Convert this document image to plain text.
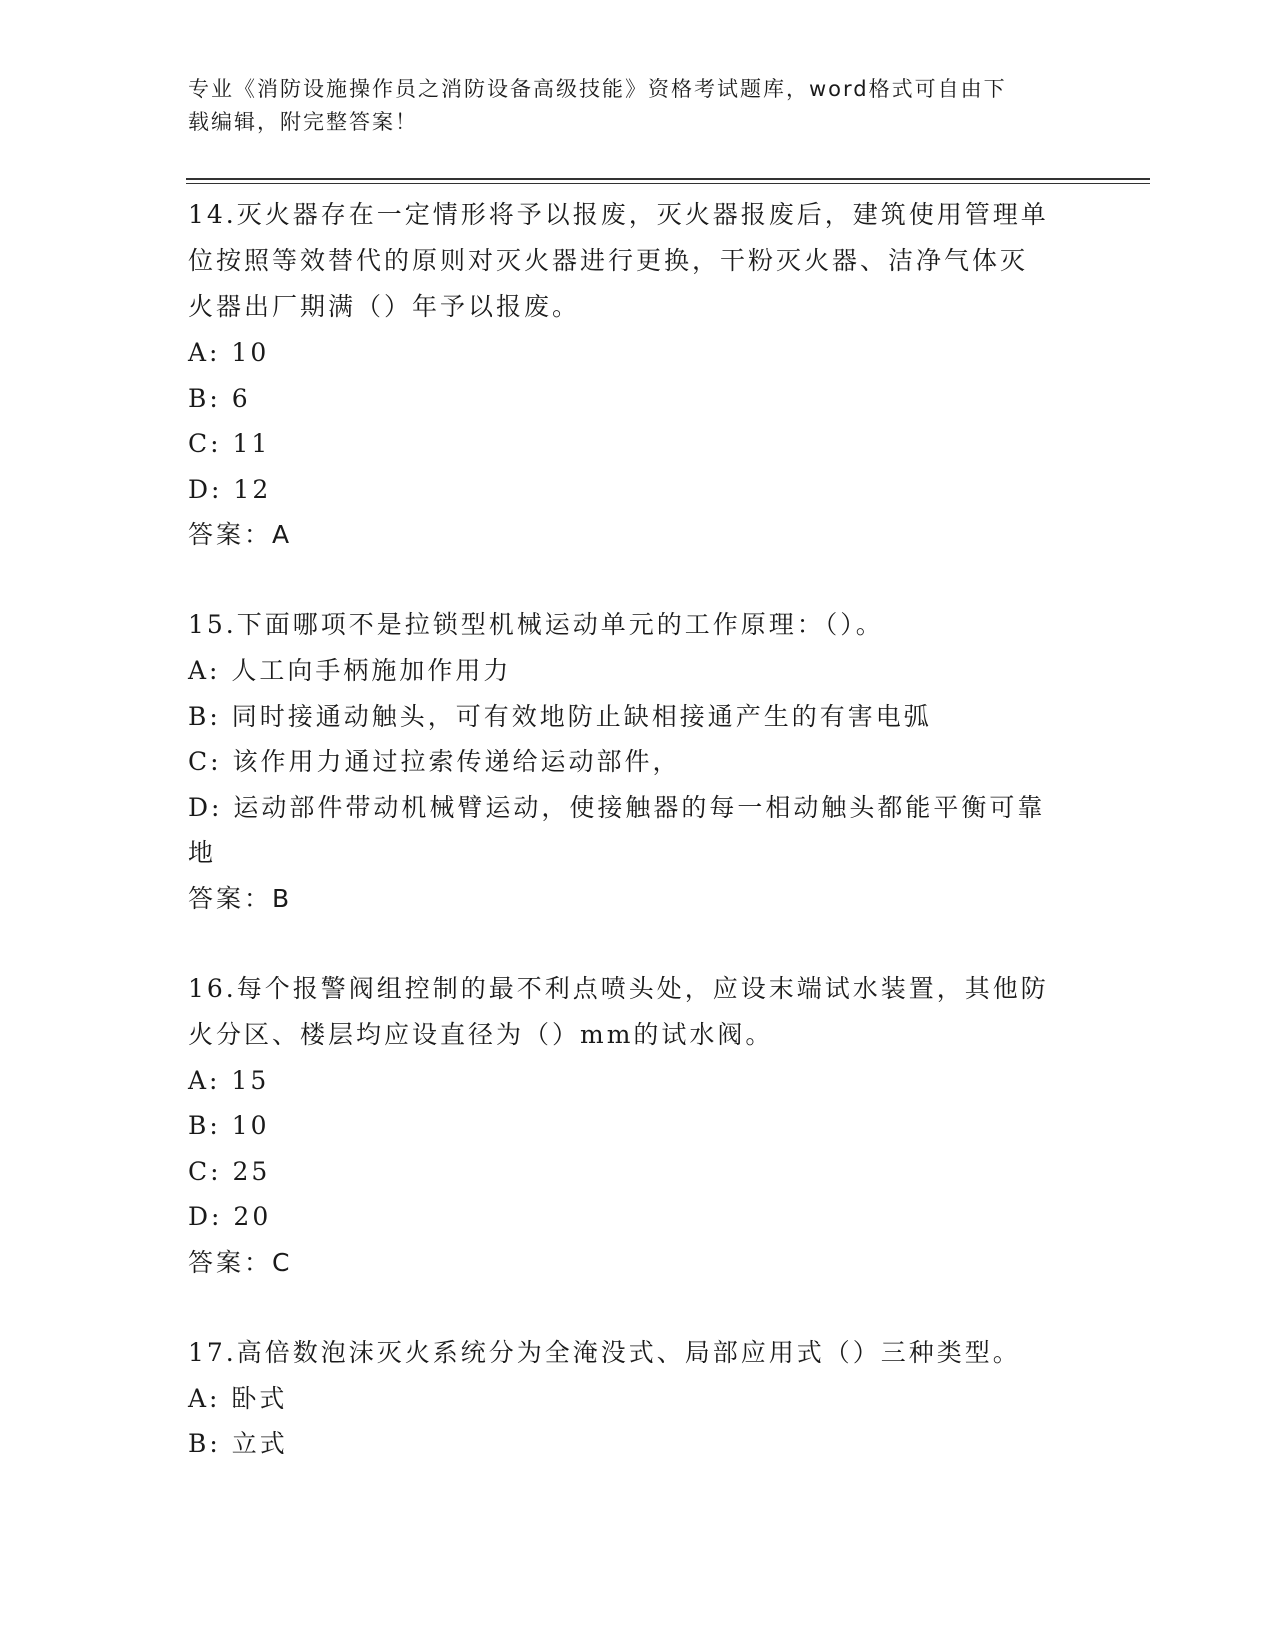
专业《消防设施操作员之消防设备高级技能》资格考试题库，word格式可自由下
载编辑，附完整答案！

14.灭火器存在一定情形将予以报废，灭火器报废后，建筑使用管理单

位按照等效替代的原则对灭火器进行更换，干粉灭火器、洁净气体灭

火器出厂期满（）年予以报废。

A: 10

B: 6

C: 11

D: 12

答案：A

15.下面哪项不是拉锁型机械运动单元的工作原理：（）。

A: 人工向手柄施加作用力

B: 同时接通动触头，可有效地防止缺相接通产生的有害电弧

C: 该作用力通过拉索传递给运动部件，

D: 运动部件带动机械臂运动，使接触器的每一相动触头都能平衡可靠

地

答案：B

16.每个报警阀组控制的最不利点喷头处，应设末端试水装置，其他防

火分区、楼层均应设直径为（）mm的试水阀。

A: 15

B: 10

C: 25

D: 20

答案：C

17.高倍数泡沫灭火系统分为全淹没式、局部应用式（）三种类型。

A: 卧式

B: 立式
